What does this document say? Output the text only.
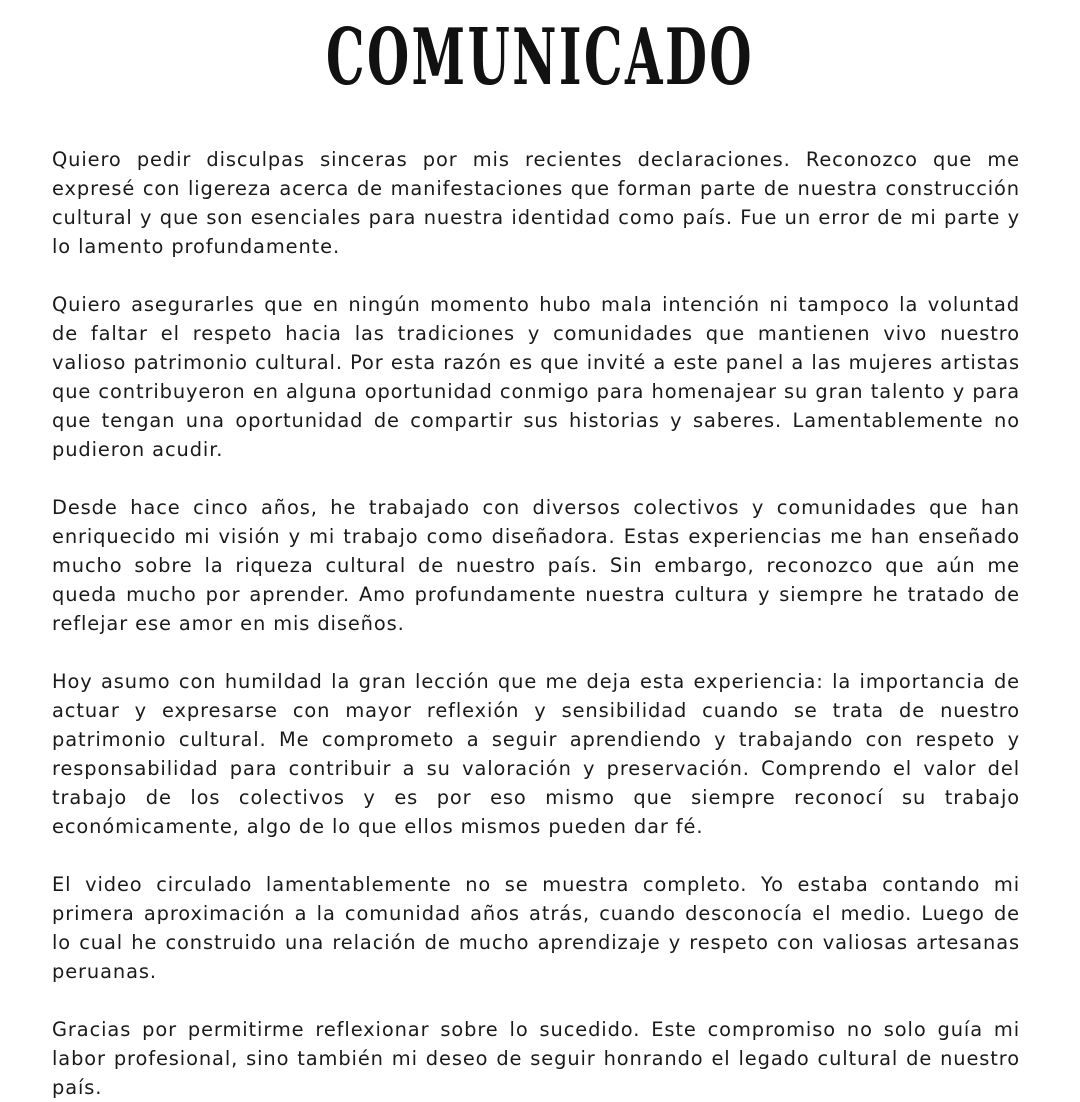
COMUNICADO

Quiero pedir disculpas sinceras por mis recientes declaraciones. Reconozco que me expresé con ligereza acerca de manifestaciones que forman parte de nuestra construcción cultural y que son esenciales para nuestra identidad como país. Fue un error de mi parte y lo lamento profundamente.

Quiero asegurarles que en ningún momento hubo mala intención ni tampoco la voluntad de faltar el respeto hacia las tradiciones y comunidades que mantienen vivo nuestro valioso patrimonio cultural. Por esta razón es que invité a este panel a las mujeres artistas que contribuyeron en alguna oportunidad conmigo para homenajear su gran talento y para que tengan una oportunidad de compartir sus historias y saberes. Lamentablemente no pudieron acudir.

Desde hace cinco años, he trabajado con diversos colectivos y comunidades que han enriquecido mi visión y mi trabajo como diseñadora. Estas experiencias me han enseñado mucho sobre la riqueza cultural de nuestro país. Sin embargo, reconozco que aún me queda mucho por aprender. Amo profundamente nuestra cultura y siempre he tratado de reflejar ese amor en mis diseños.

Hoy asumo con humildad la gran lección que me deja esta experiencia: la importancia de actuar y expresarse con mayor reflexión y sensibilidad cuando se trata de nuestro patrimonio cultural. Me comprometo a seguir aprendiendo y trabajando con respeto y responsabilidad para contribuir a su valoración y preservación. Comprendo el valor del trabajo de los colectivos y es por eso mismo que siempre reconocí su trabajo económicamente, algo de lo que ellos mismos pueden dar fé.

El video circulado lamentablemente no se muestra completo. Yo estaba contando mi primera aproximación a la comunidad años atrás, cuando desconocía el medio. Luego de lo cual he construido una relación de mucho aprendizaje y respeto con valiosas artesanas peruanas.

Gracias por permitirme reflexionar sobre lo sucedido. Este compromiso no solo guía mi labor profesional, sino también mi deseo de seguir honrando el legado cultural de nuestro país.
